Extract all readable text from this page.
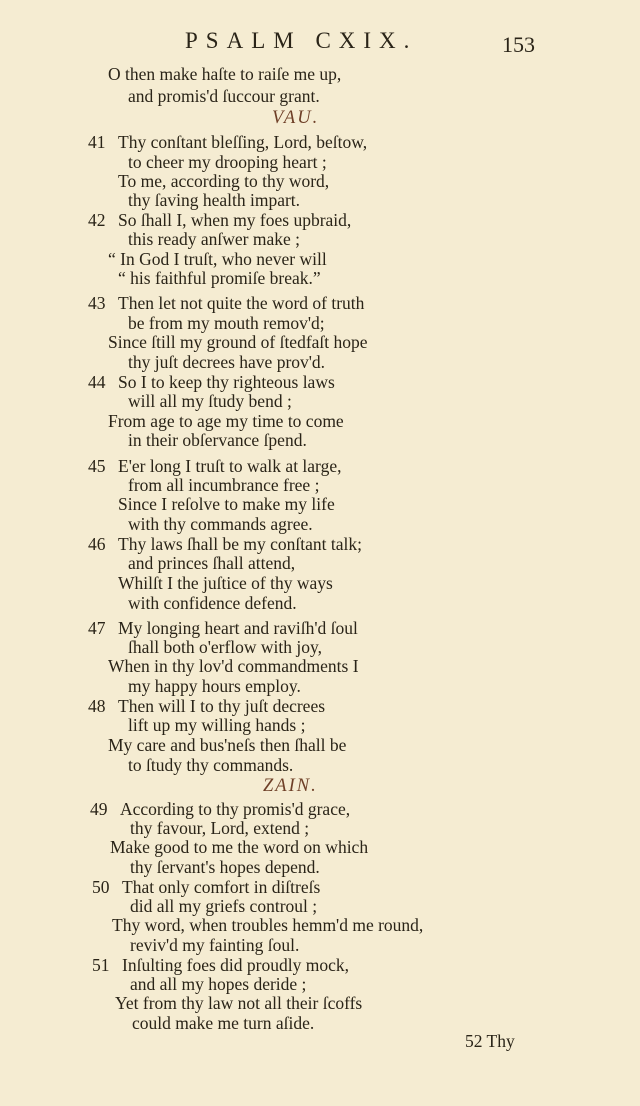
PSALM CXIX.	153
O then make haſte to raiſe me up,
and promis'd ſuccour grant.
VAU.
41 Thy conſtant bleſſing, Lord, beſtow,
to cheer my drooping heart ;
To me, according to thy word,
thy ſaving health impart.
42 So ſhall I, when my foes upbraid,
this ready anſwer make ;
“ In God I truſt, who never will
“ his faithful promiſe break.”
43 Then let not quite the word of truth
be from my mouth remov'd;
Since ſtill my ground of ſtedfaſt hope
thy juſt decrees have prov'd.
44 So I to keep thy righteous laws
will all my ſtudy bend ;
From age to age my time to come
in their obſervance ſpend.
45 E'er long I truſt to walk at large,
from all incumbrance free ;
Since I reſolve to make my life
with thy commands agree.
46 Thy laws ſhall be my conſtant talk;
and princes ſhall attend,
Whilſt I the juſtice of thy ways
with confidence defend.
47 My longing heart and raviſh'd ſoul
ſhall both o'erflow with joy,
When in thy lov'd commandments I
my happy hours employ.
48 Then will I to thy juſt decrees
lift up my willing hands ;
My care and bus'neſs then ſhall be
to ſtudy thy commands.
ZAIN.
49 According to thy promis'd grace,
thy favour, Lord, extend ;
Make good to me the word on which
thy ſervant's hopes depend.
50 That only comfort in diſtreſs
did all my griefs controul ;
Thy word, when troubles hemm'd me round,
reviv'd my fainting ſoul.
51 Inſulting foes did proudly mock,
and all my hopes deride ;
Yet from thy law not all their ſcoffs
could make me turn aſide.
52 Thy
